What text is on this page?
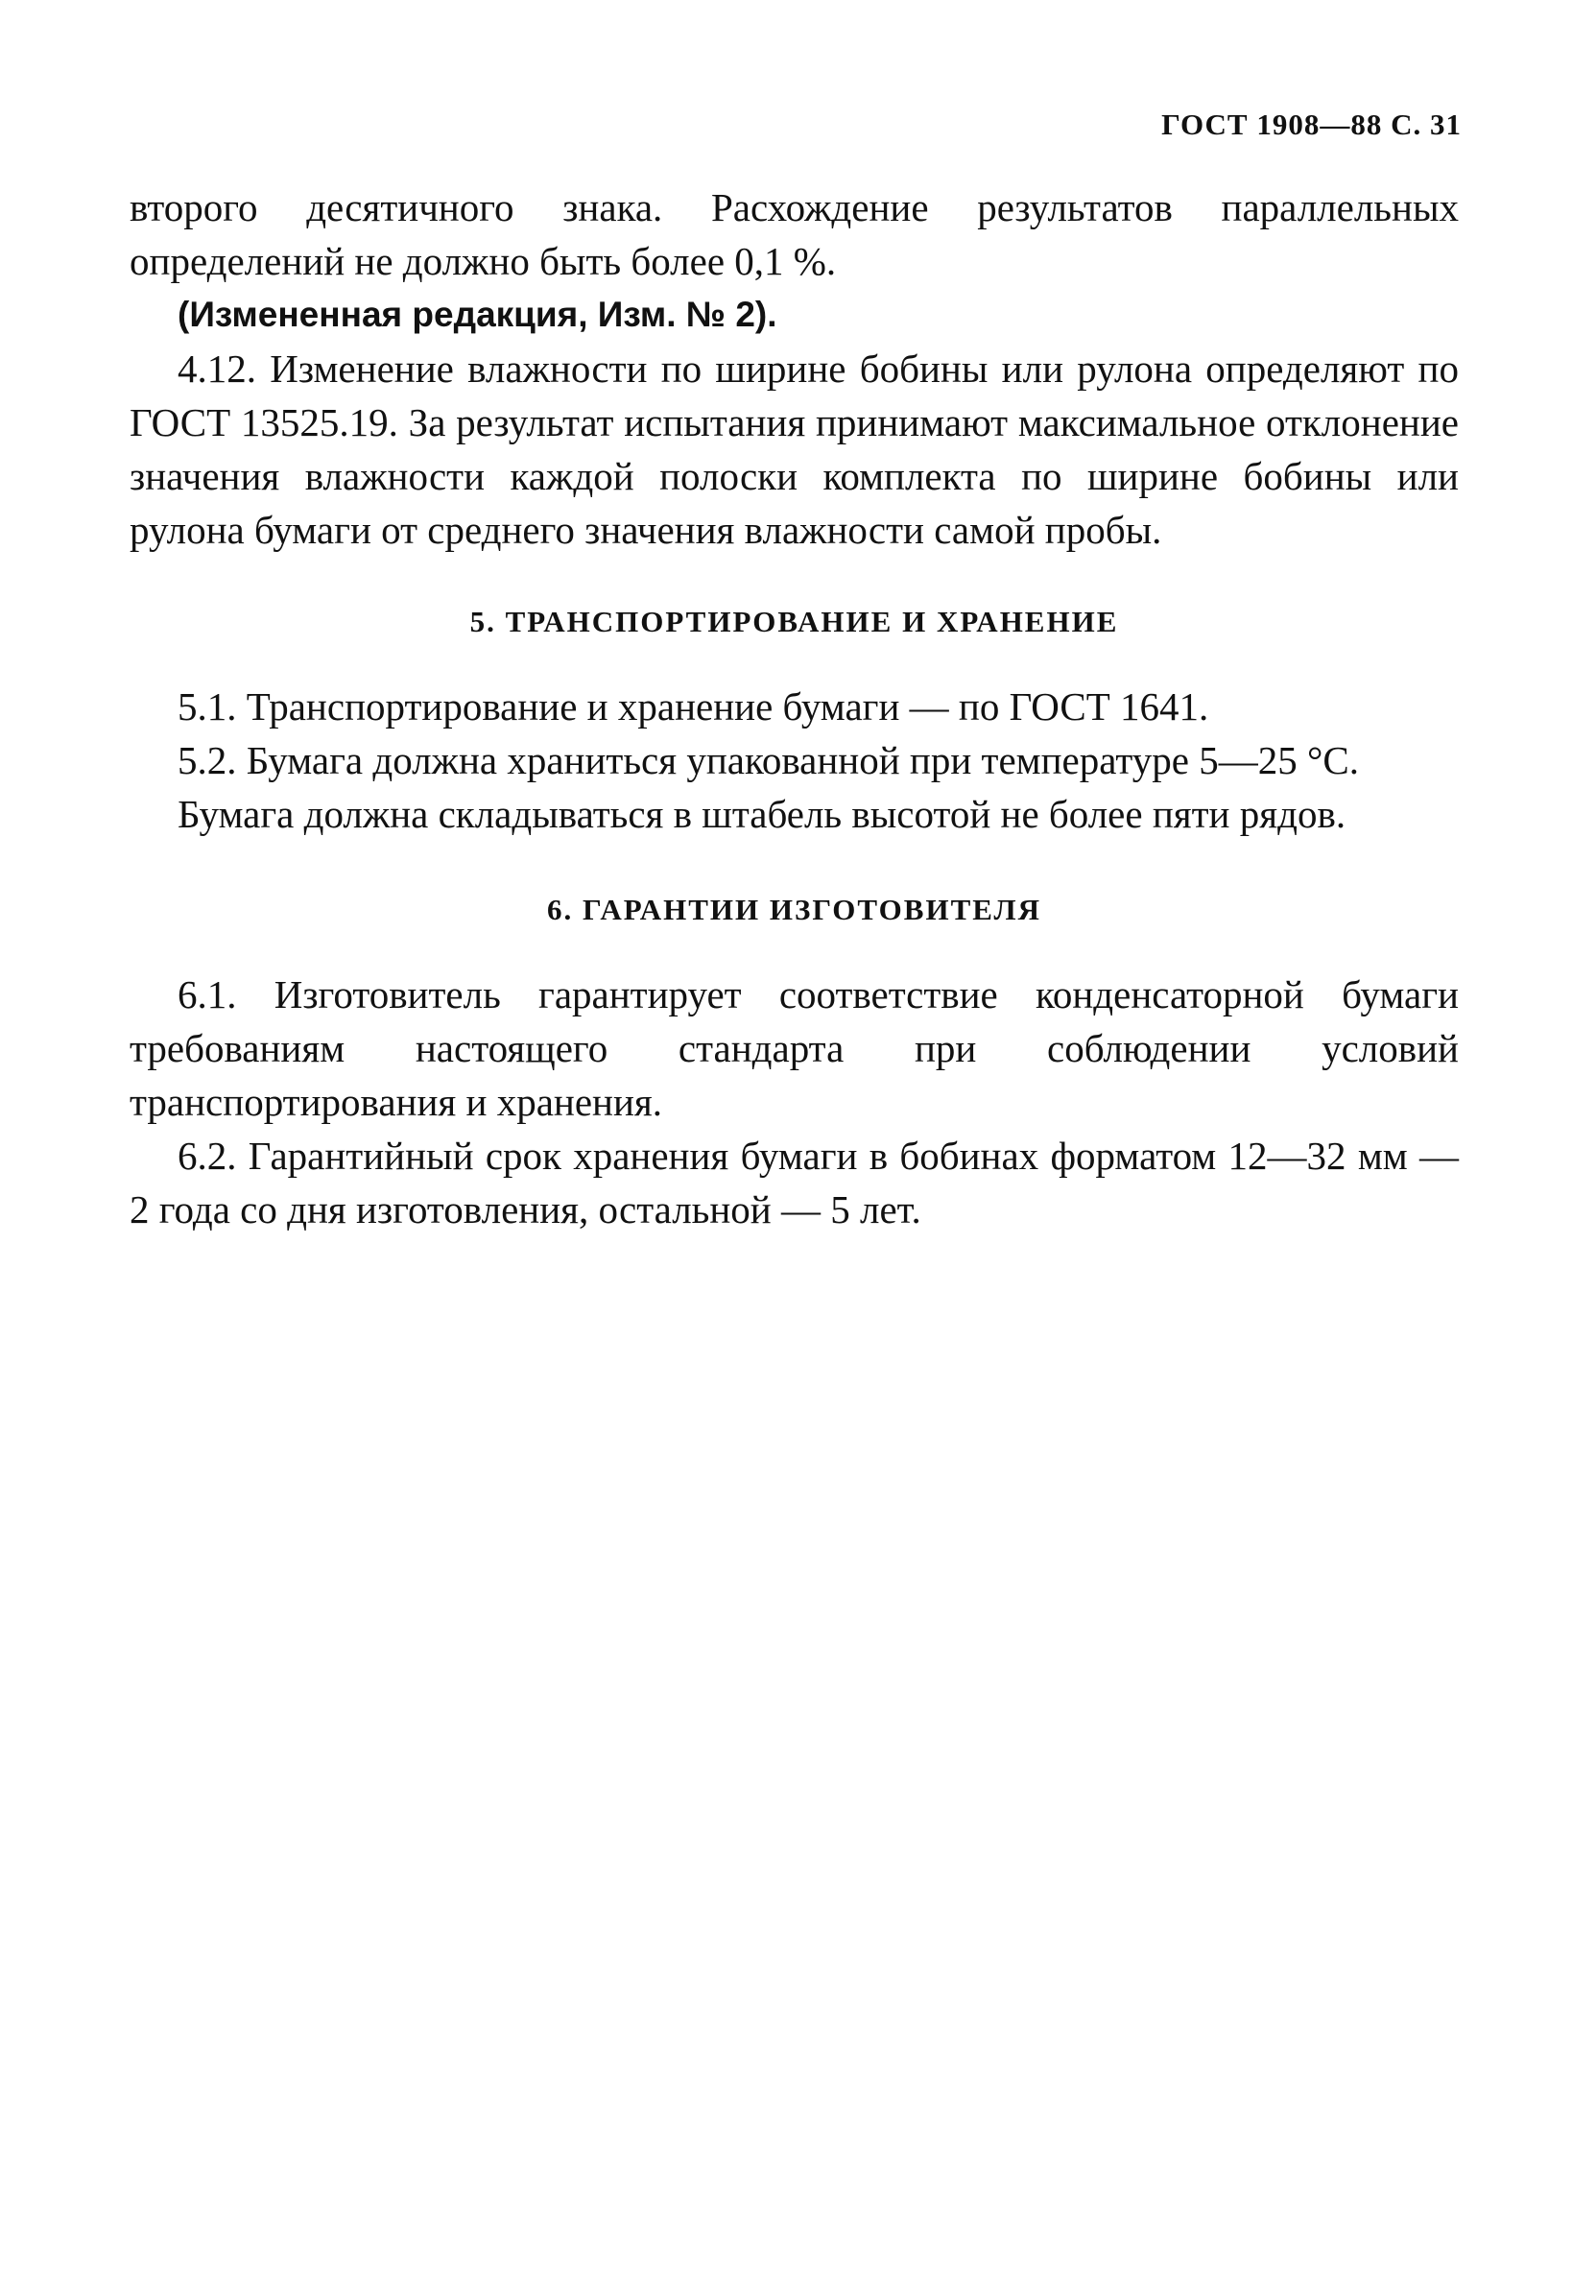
ГОСТ 1908—88 С. 31

второго десятичного знака. Расхождение результатов параллельных определений не должно быть более 0,1 %.

(Измененная редакция, Изм. № 2).

4.12. Изменение влажности по ширине бобины или рулона определяют по ГОСТ 13525.19. За результат испытания принимают максимальное отклонение значения влажности каждой полоски комплекта по ширине бобины или рулона бумаги от среднего значения влажности самой пробы.

5. ТРАНСПОРТИРОВАНИЕ И ХРАНЕНИЕ

5.1. Транспортирование и хранение бумаги — по ГОСТ 1641.

5.2. Бумага должна храниться упакованной при температуре 5—25 °С.

Бумага должна складываться в штабель высотой не более пяти рядов.

6. ГАРАНТИИ ИЗГОТОВИТЕЛЯ

6.1. Изготовитель гарантирует соответствие конденсаторной бумаги требованиям настоящего стандарта при соблюдении условий транспортирования и хранения.

6.2. Гарантийный срок хранения бумаги в бобинах форматом 12—32 мм — 2 года со дня изготовления, остальной — 5 лет.
